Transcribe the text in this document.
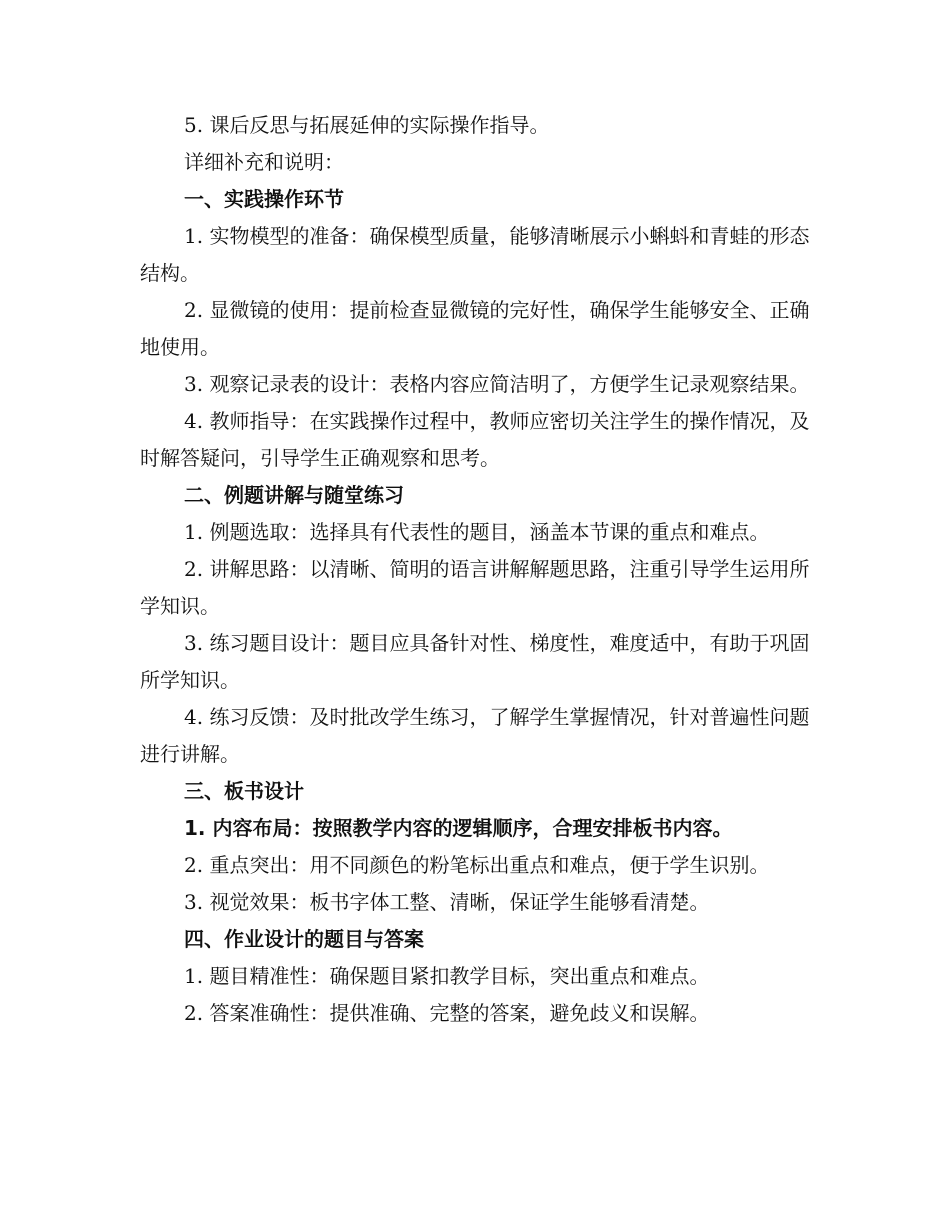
5. 课后反思与拓展延伸的实际操作指导。

详细补充和说明：

一、实践操作环节

1. 实物模型的准备：确保模型质量，能够清晰展示小蝌蚪和青蛙的形态结构。

2. 显微镜的使用：提前检查显微镜的完好性，确保学生能够安全、正确地使用。

3. 观察记录表的设计：表格内容应简洁明了，方便学生记录观察结果。

4. 教师指导：在实践操作过程中，教师应密切关注学生的操作情况，及时解答疑问，引导学生正确观察和思考。

二、例题讲解与随堂练习

1. 例题选取：选择具有代表性的题目，涵盖本节课的重点和难点。

2. 讲解思路：以清晰、简明的语言讲解解题思路，注重引导学生运用所学知识。

3. 练习题目设计：题目应具备针对性、梯度性，难度适中，有助于巩固所学知识。

4. 练习反馈：及时批改学生练习，了解学生掌握情况，针对普遍性问题进行讲解。

三、板书设计

1. 内容布局：按照教学内容的逻辑顺序，合理安排板书内容。

2. 重点突出：用不同颜色的粉笔标出重点和难点，便于学生识别。

3. 视觉效果：板书字体工整、清晰，保证学生能够看清楚。

四、作业设计的题目与答案

1. 题目精准性：确保题目紧扣教学目标，突出重点和难点。

2. 答案准确性：提供准确、完整的答案，避免歧义和误解。
